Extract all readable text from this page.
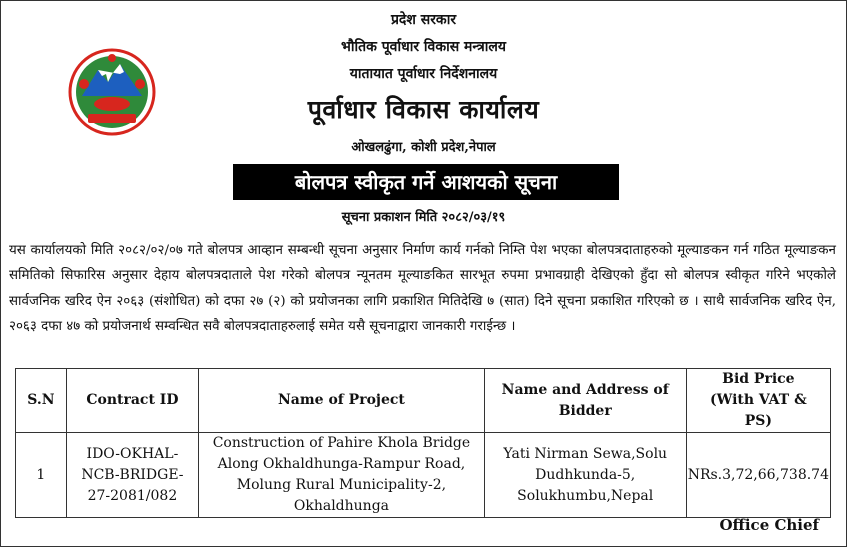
प्रदेश सरकार
भौतिक पूर्वाधार विकास मन्त्रालय
यातायात पूर्वाधार निर्देशनालय
पूर्वाधार विकास कार्यालय
ओखलढुंगा, कोशी प्रदेश,नेपाल
बोलपत्र स्वीकृत गर्ने आशयको सूचना
सूचना प्रकाशन मिति २०८२/०३/१९
यस कार्यालयको मिति २०८२/०२/०७ गते बोलपत्र आव्हान सम्बन्धी सूचना अनुसार निर्माण कार्य गर्नको निम्ति पेश भएका बोलपत्रदाताहरुको मूल्याङकन गर्न गठित मूल्याङकन समितिको सिफारिस अनुसार देहाय बोलपत्रदाताले पेश गरेको बोलपत्र न्यूनतम मूल्याङकित सारभूत रुपमा प्रभावग्राही देखिएको हुँदा सो बोलपत्र स्वीकृत गरिने भएकोले सार्वजनिक खरिद ऐन २०६३ (संशोधित) को दफा २७ (२) को प्रयोजनका लागि प्रकाशित मितिदेखि ७ (सात) दिने सूचना प्रकाशित गरिएको छ । साथै सार्वजनिक खरिद ऐन, २०६३ दफा ४७ को प्रयोजनार्थ सम्वन्धित सवै बोलपत्रदाताहरुलाई समेत यसै सूचनाद्वारा जानकारी गराईन्छ ।
S.N	Contract ID	Name of Project	Name and Address of Bidder	Bid Price (With VAT & PS)
1	IDO-OKHAL-NCB-BRIDGE-27-2081/082	Construction of Pahire Khola Bridge Along Okhaldhunga-Rampur Road, Molung Rural Municipality-2, Okhaldhunga	Yati Nirman Sewa,Solu Dudhkunda-5, Solukhumbu,Nepal	NRs.3,72,66,738.74
Office Chief
